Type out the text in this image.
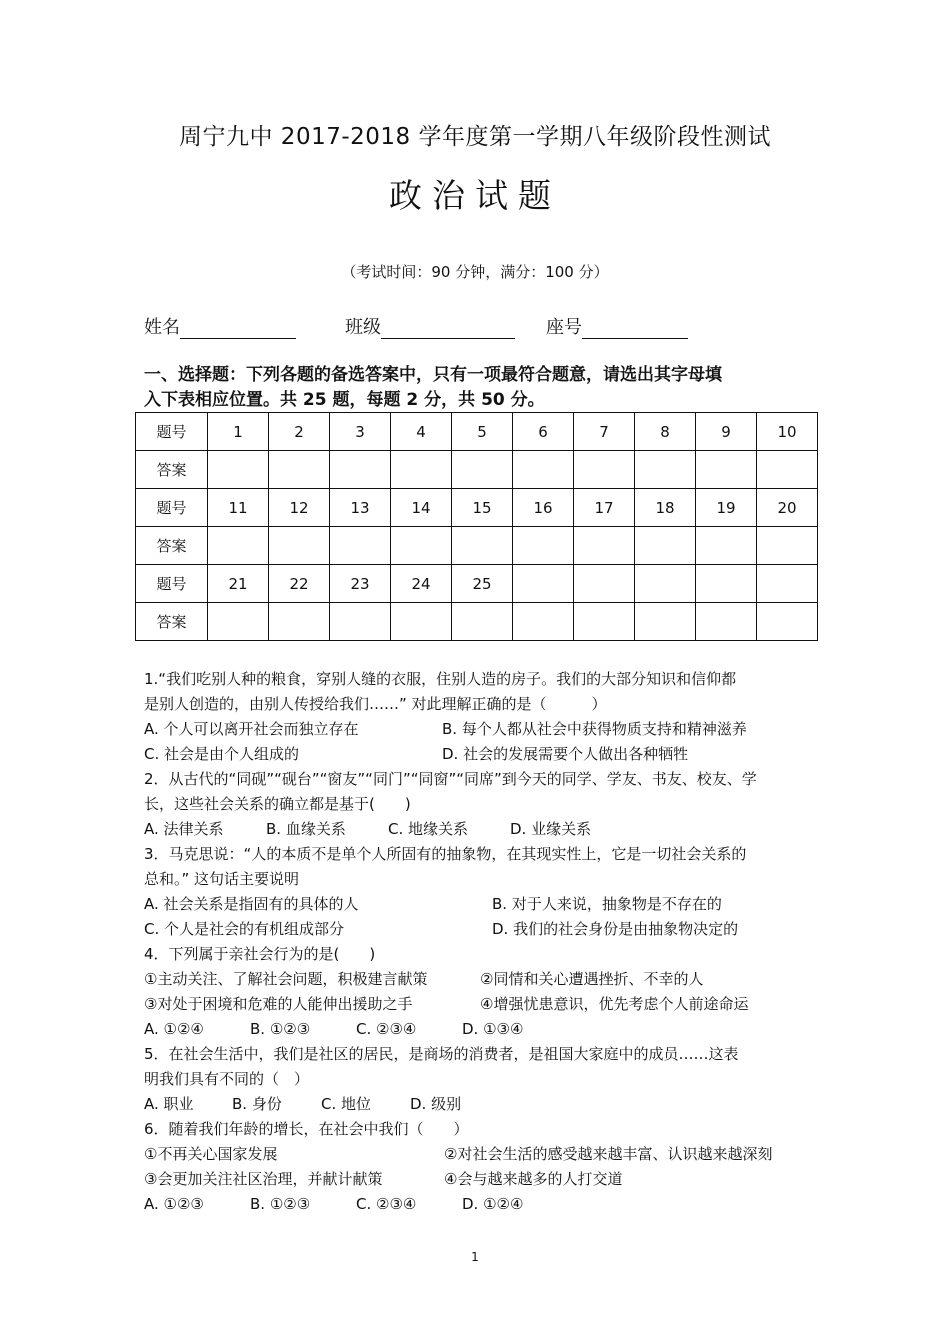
周宁九中 2017-2018 学年度第一学期八年级阶段性测试
政治试题
（考试时间：90 分钟，满分：100 分）
姓名	班级	座号
一、选择题：下列各题的备选答案中，只有一项最符合题意，请选出其字母填
入下表相应位置。共 25 题，每题 2 分，共 50 分。
题号	1	2	3	4	5	6	7	8	9	10
答案										
题号	11	12	13	14	15	16	17	18	19	20
答案										
题号	21	22	23	24	25					
答案										
1.“我们吃别人种的粮食，穿别人缝的衣服，住别人造的房子。我们的大部分知识和信仰都
是别人创造的，由别人传授给我们……” 对此理解正确的是（　　　）
A. 个人可以离开社会而独立存在	B. 每个人都从社会中获得物质支持和精神滋养
C. 社会是由个人组成的	D. 社会的发展需要个人做出各种牺牲
2．从古代的“同砚”“砚台”“窗友”“同门”“同窗”“同席”到今天的同学、学友、书友、校友、学
长，这些社会关系的确立都是基于(　　)
A. 法律关系	B. 血缘关系	C. 地缘关系	D. 业缘关系
3．马克思说：“人的本质不是单个人所固有的抽象物，在其现实性上，它是一切社会关系的
总和。” 这句话主要说明
A. 社会关系是指固有的具体的人	B. 对于人来说，抽象物是不存在的
C. 个人是社会的有机组成部分	D. 我们的社会身份是由抽象物决定的
4．下列属于亲社会行为的是(　　)
①主动关注、了解社会问题，积极建言献策	②同情和关心遭遇挫折、不幸的人
③对处于困境和危难的人能伸出援助之手	④增强忧患意识，优先考虑个人前途命运
A. ①②④	B. ①②③	C. ②③④	D. ①③④
5．在社会生活中，我们是社区的居民，是商场的消费者，是祖国大家庭中的成员……这表
明我们具有不同的（　）
A. 职业	B. 身份	C. 地位	D. 级别
6．随着我们年龄的增长，在社会中我们（　　）
①不再关心国家发展	②对社会生活的感受越来越丰富、认识越来越深刻
③会更加关注社区治理，并献计献策	④会与越来越多的人打交道
A. ①②③	B. ①②③	C. ②③④	D. ①②④
1
